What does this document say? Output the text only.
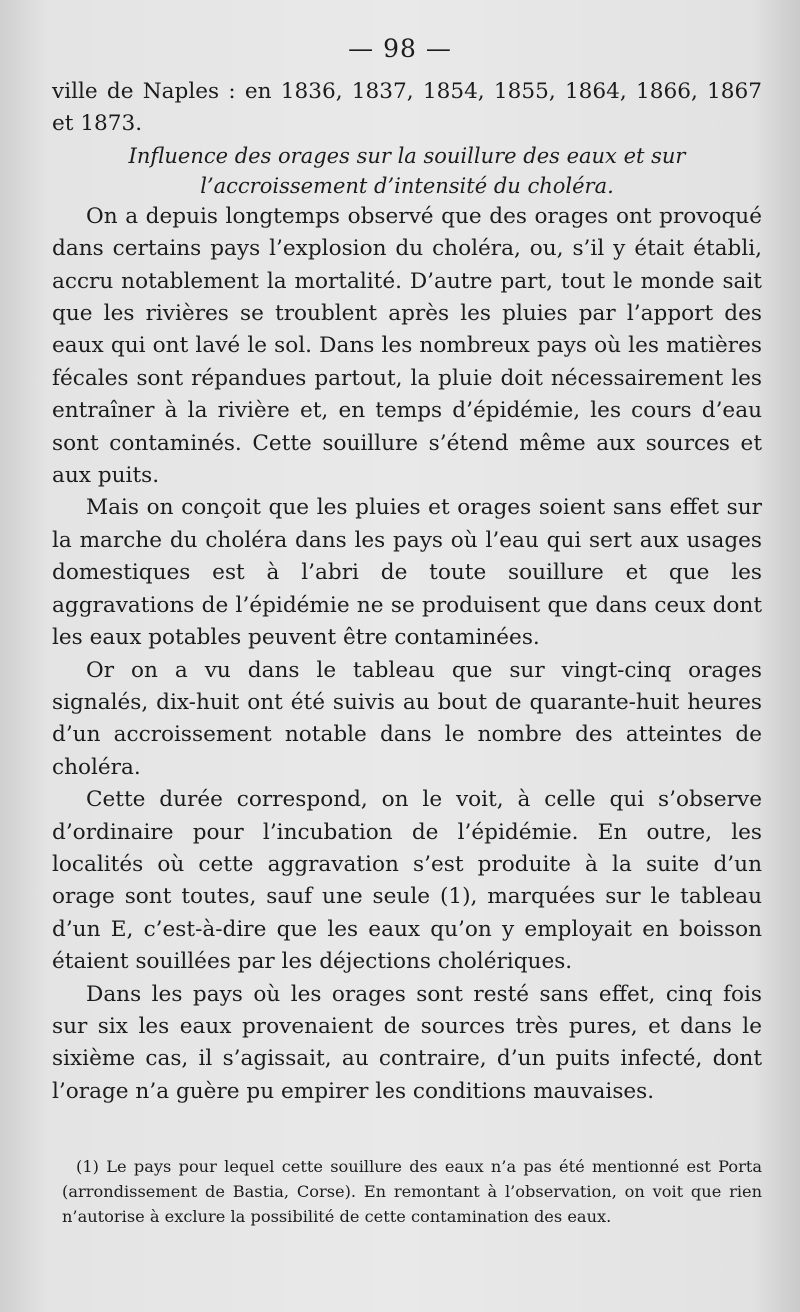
— 98 —

ville de Naples : en 1836, 1837, 1854, 1855, 1864, 1866, 1867 et 1873.

Influence des orages sur la souillure des eaux et sur l’accroissement d’intensité du choléra.

On a depuis longtemps observé que des orages ont provoqué dans certains pays l’explosion du choléra, ou, s’il y était établi, accru notablement la mortalité. D’autre part, tout le monde sait que les rivières se troublent après les pluies par l’apport des eaux qui ont lavé le sol. Dans les nombreux pays où les matières fécales sont répandues partout, la pluie doit nécessairement les entraîner à la rivière et, en temps d’épidémie, les cours d’eau sont contaminés. Cette souillure s’étend même aux sources et aux puits.

Mais on conçoit que les pluies et orages soient sans effet sur la marche du choléra dans les pays où l’eau qui sert aux usages domestiques est à l’abri de toute souillure et que les aggravations de l’épidémie ne se produisent que dans ceux dont les eaux potables peuvent être contaminées.

Or on a vu dans le tableau que sur vingt-cinq orages signalés, dix-huit ont été suivis au bout de quarante-huit heures d’un accroissement notable dans le nombre des atteintes de choléra.

Cette durée correspond, on le voit, à celle qui s’observe d’ordinaire pour l’incubation de l’épidémie. En outre, les localités où cette aggravation s’est produite à la suite d’un orage sont toutes, sauf une seule (1), marquées sur le tableau d’un E, c’est-à-dire que les eaux qu’on y employait en boisson étaient souillées par les déjections cholériques.

Dans les pays où les orages sont resté sans effet, cinq fois sur six les eaux provenaient de sources très pures, et dans le sixième cas, il s’agissait, au contraire, d’un puits infecté, dont l’orage n’a guère pu empirer les conditions mauvaises.

(1) Le pays pour lequel cette souillure des eaux n’a pas été mentionné est Porta (arrondissement de Bastia, Corse). En remontant à l’observation, on voit que rien n’autorise à exclure la possibilité de cette contamination des eaux.
